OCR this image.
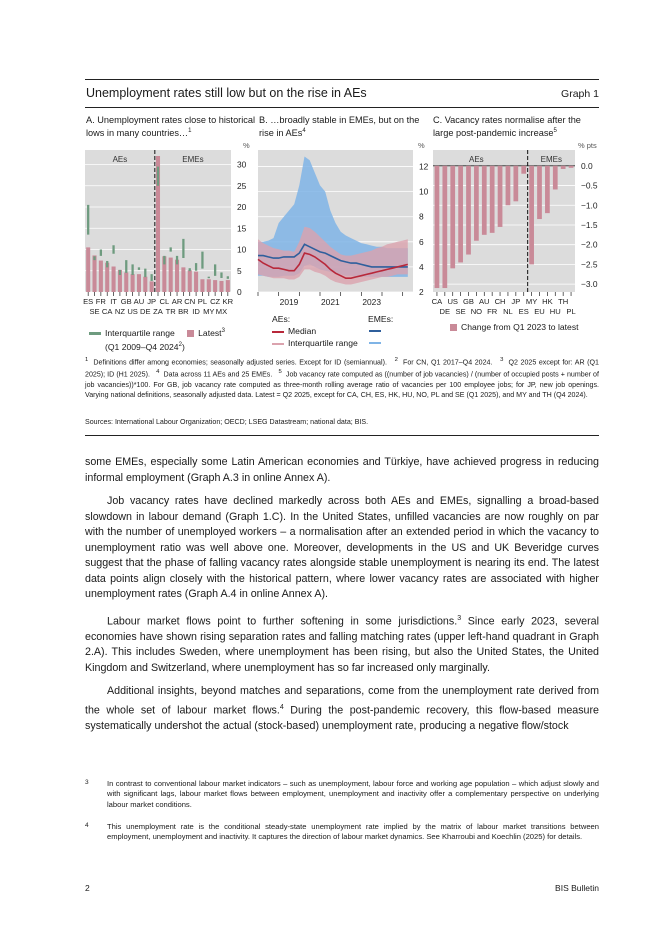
Unemployment rates still low but on the rise in AEs	Graph 1
A. Unemployment rates close to historical lows in many countries…$^1$
B. …broadly stable in EMEs, but on the rise in AEs$^4$
C. Vacancy rates normalise after the large post-pandemic increase$^5$
%	%	% pts
AEs	EMEs
0
5
10
15
20
25
30
ES
SE
FR
CA
IT
NZ
GB
US
AU
DE
JP
ZA
CL
TR
AR
BR
CN
ID
PL
MY
CZ
MX
KR
2
4
6
8
10
12
2019	2021	2023
AEs	EMEs
0.0
−0.5
−1.0
−1.5
−2.0
−2.5
−3.0
CA
DE
US
SE
GB
NO
AU
FR
CH
NL
JP
ES
MY
EU
HK
HU
TH
PL
Interquartile range	Latest$^3$
(Q1 2009–Q4 2024$^2$)
AEs:	EMEs:
Median
Interquartile range
Change from Q1 2023 to latest
$^1$ Definitions differ among economies; seasonally adjusted series. Except for ID (semiannual). $^2$ For CN, Q1 2017–Q4 2024. $^3$ Q2 2025 except for: AR (Q1 2025); ID (H1 2025). $^4$ Data across 11 AEs and 25 EMEs. $^5$ Job vacancy rate computed as ((number of job vacancies) / (number of occupied posts + number of job vacancies))*100. For GB, job vacancy rate computed as three-month rolling average ratio of vacancies per 100 employee jobs; for JP, new job openings. Varying national definitions, seasonally adjusted data. Latest = Q2 2025, except for CA, CH, ES, HK, HU, NO, PL and SE (Q1 2025), and MY and TH (Q4 2024).
Sources: International Labour Organization; OECD; LSEG Datastream; national data; BIS.

some EMEs, especially some Latin American economies and Türkiye, have achieved progress in reducing informal employment (Graph A.3 in online Annex A).

Job vacancy rates have declined markedly across both AEs and EMEs, signalling a broad-based slowdown in labour demand (Graph 1.C). In the United States, unfilled vacancies are now roughly on par with the number of unemployed workers – a normalisation after an extended period in which the vacancy to unemployment ratio was well above one. Moreover, developments in the US and UK Beveridge curves suggest that the phase of falling vacancy rates alongside stable unemployment is nearing its end. The latest data points align closely with the historical pattern, where lower vacancy rates are associated with higher unemployment rates (Graph A.4 in online Annex A).

Labour market flows point to further softening in some jurisdictions.$^3$ Since early 2023, several economies have shown rising separation rates and falling matching rates (upper left-hand quadrant in Graph 2.A). This includes Sweden, where unemployment has been rising, but also the United States, the United Kingdom and Switzerland, where unemployment has so far increased only marginally.

Additional insights, beyond matches and separations, come from the unemployment rate derived from the whole set of labour market flows.$^4$ During the post-pandemic recovery, this flow-based measure systematically undershot the actual (stock-based) unemployment rate, producing a negative flow/stock

3 In contrast to conventional labour market indicators – such as unemployment, labour force and working age population – which adjust slowly and with significant lags, labour market flows between employment, unemployment and inactivity offer a complementary perspective on underlying labour market conditions.
4 This unemployment rate is the conditional steady-state unemployment rate implied by the matrix of labour market transitions between employment, unemployment and inactivity. It captures the direction of labour market dynamics. See Kharroubi and Koechlin (2025) for details.
2	BIS Bulletin
